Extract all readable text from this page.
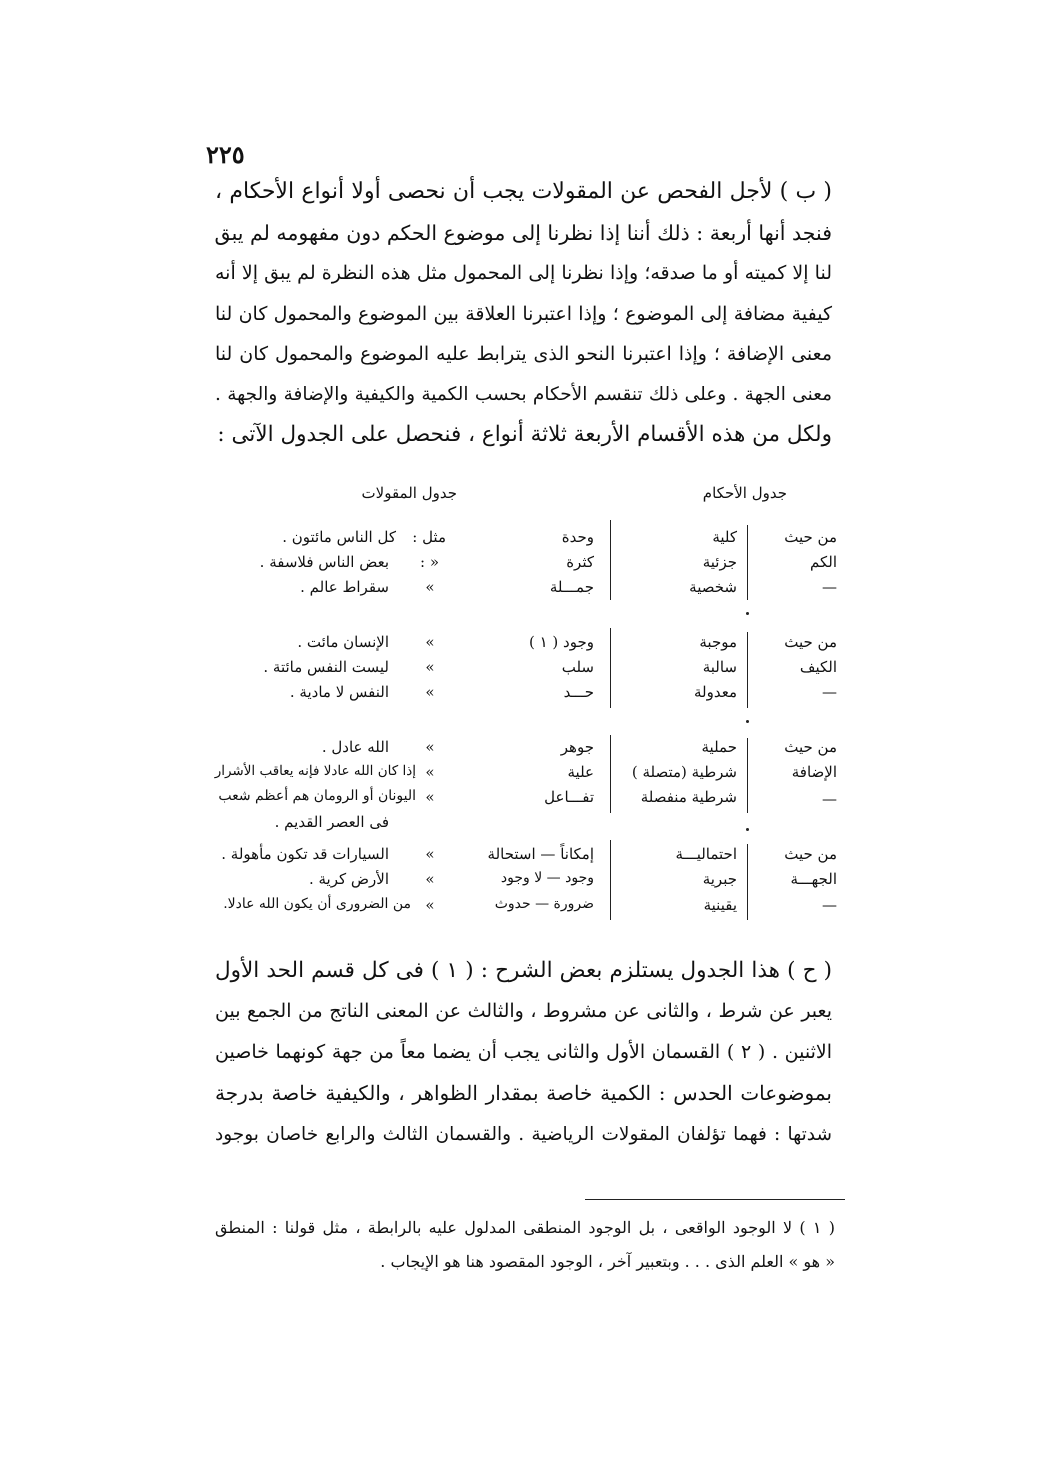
٢٢٥
( ب ) لأجل الفحص عن المقولات يجب أن نحصى أولا أنواع الأحكام ،
فنجد أنها أربعة : ذلك أننا إذا نظرنا إلى موضوع الحكم دون مفهومه لم يبق
لنا إلا كميته أو ما صدقه؛ وإذا نظرنا إلى المحمول مثل هذه النظرة لم يبق إلا أنه
كيفية مضافة إلى الموضوع ؛ وإذا اعتبرنا العلاقة بين الموضوع والمحمول كان لنا
معنى الإضافة ؛ وإذا اعتبرنا النحو الذى يترابط عليه الموضوع والمحمول كان لنا
معنى الجهة . وعلى ذلك تنقسم الأحكام بحسب الكمية والكيفية والإضافة والجهة .
ولكل من هذه الأقسام الأربعة ثلاثة أنواع ، فنحصل على الجدول الآتى :
جدول الأحكام
جدول المقولات
من حيث
الكم
—
كلية
جزئية
شخصية
وحدة
كثرة
جمـــلة
مثل :
« :
»
كل الناس مائتون .
بعض الناس فلاسفة .
سقراط عالم .
من حيث
الكيف
—
موجبة
سالبة
معدولة
وجود ( ١ )
سلب
حـــد
»
»
»
الإنسان مائت .
ليست النفس مائتة .
النفس لا مادية .
من حيث
الإضافة
—
حملية
شرطية (متصلة )
شرطية منفصلة
جوهر
علية
تفـــاعل
»
»
»
الله عادل .
إذا كان الله عادلا فإنه يعاقب الأشرار
اليونان أو الرومان هم أعظم شعب
فى العصر القديم .
من حيث
الجهـــة
—
احتماليـــة
جبرية
يقينية
إمكاناً — استحالة
وجود — لا وجود
ضرورة — حدوث
»
»
»
السيارات قد تكون مأهولة .
الأرض كرية .
من الضرورى أن يكون الله عادلا.
( ح ) هذا الجدول يستلزم بعض الشرح : ( ١ ) فى كل قسم الحد الأول
يعبر عن شرط ، والثانى عن مشروط ، والثالث عن المعنى الناتج من الجمع بين
الاثنين . ( ٢ ) القسمان الأول والثانى يجب أن يضما معاً من جهة كونهما خاصين
بموضوعات الحدس : الكمية خاصة بمقدار الظواهر ، والكيفية خاصة بدرجة
شدتها : فهما تؤلفان المقولات الرياضية . والقسمان الثالث والرابع خاصان بوجود
( ١ ) لا الوجود الواقعى ، بل الوجود المنطقى المدلول عليه بالرابطة ، مثل قولنا : المنطق
« هو » العلم الذى . . . وبتعبير آخر ، الوجود المقصود هنا هو الإيجاب .
